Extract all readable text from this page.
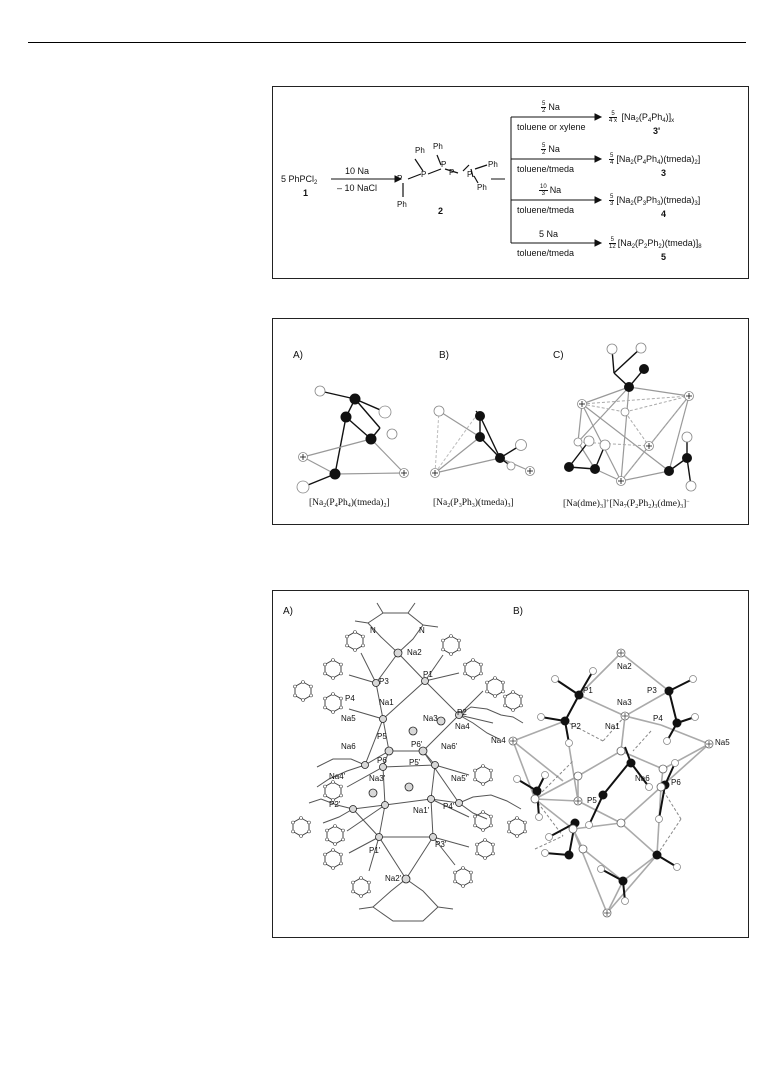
5 PhPCl$_2$
1
10 Na
– 10 NaCl
Ph Ph
P
P
P
P	P
Ph
Ph
Ph
2
$\frac{5}{2}$ Na
toluene or xylene
$\frac{5}{4 x} [Na_2(P_4Ph_4)]_x$
3'
$\frac{5}{2}$ Na
toluene/tmeda
$\frac{5}{4}$ $[Na_2(P_4Ph_4)(tmeda)_2]$
3
$\frac{10}{3}$ Na
toluene/tmeda
$\frac{5}{3}$ $[Na_2(P_3Ph_3)(tmeda)_3]$
4
5 Na
toluene/tmeda
$\frac{5}{12}$ $[Na_2(P_2Ph_2)(tmeda)]_8$
5
A)	B)	C)
$[Na_2(P_4Ph_4)(tmeda)_2]$	$[Na_2(P_3Ph_3)(tmeda)_3]$	$[Na(dme)_3]^+[Na_7(P_2Ph_2)_3(dme)_3]^-$
A)	B)
N	N
Na2
P3
P1
P4	Na1
P2
Na3
Na5
Na4
Na6
P5
P6
P6'
P5'
Na6'
Na4'	Na3'	Na5'
P2'
Na1' P4'
P1'
P3'
Na2'
Na2
P1	P3
Na3
P2
P4
Na1
Na4	Na5
Na6	P6
P5
